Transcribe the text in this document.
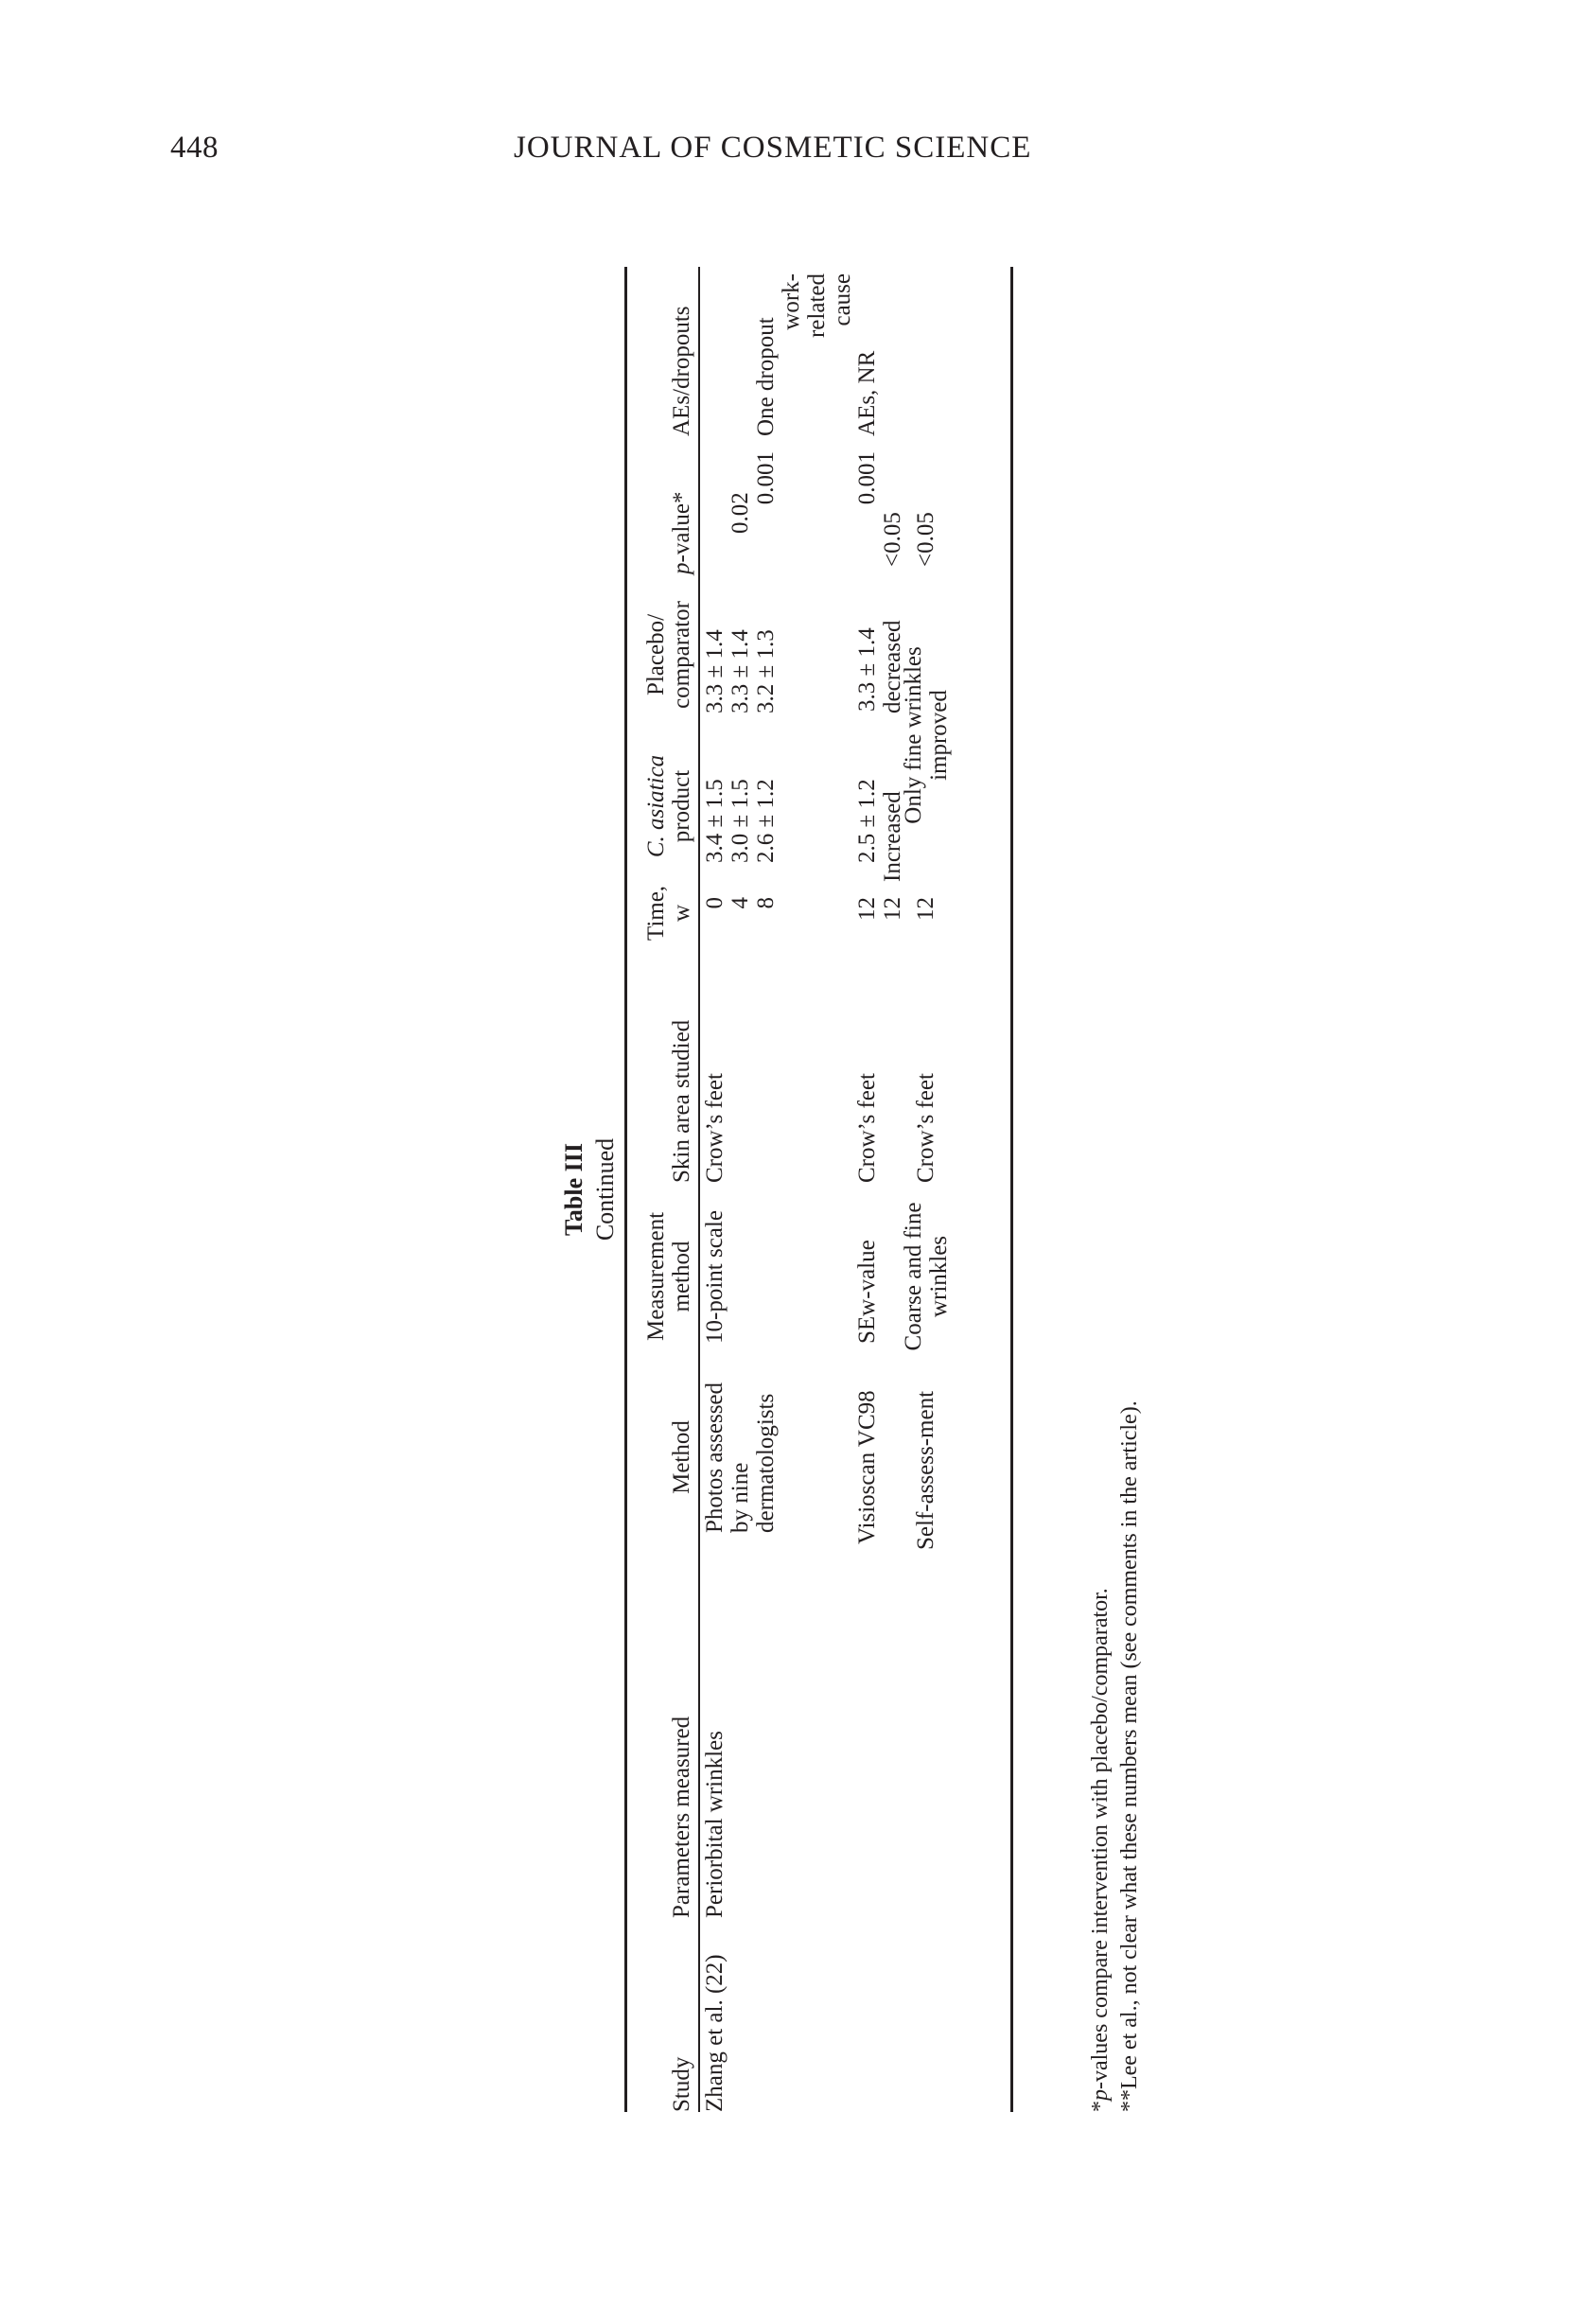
448	JOURNAL OF COSMETIC SCIENCE
Table III Continued
Study
Parameters measured
Method
Measurement method
Skin area studied
Time, w
C. asiatica product
Placebo/ comparator
p-value*
AEs/dropouts
Zhang et al. (22)
Periorbital wrinkles
Photos assessed by nine dermatologists
10-point scale
Crow’s feet
0
3.4 ± 1.5
3.3 ± 1.4
4
3.0 ± 1.5
3.3 ± 1.4
0.02
8
2.6 ± 1.2
3.2 ± 1.3
0.001
One dropout
work- related cause
Visioscan VC98
SEw-value
Crow’s feet
12
2.5 ± 1.2
3.3 ± 1.4
0.001
AEs, NR
12
Increased
decreased
<0.05
Self-assess-ment
Coarse and fine wrinkles
Crow’s feet
12
Only fine wrinkles improved
<0.05
*p-values compare intervention with placebo/comparator. **Lee et al., not clear what these numbers mean (see comments in the article).
